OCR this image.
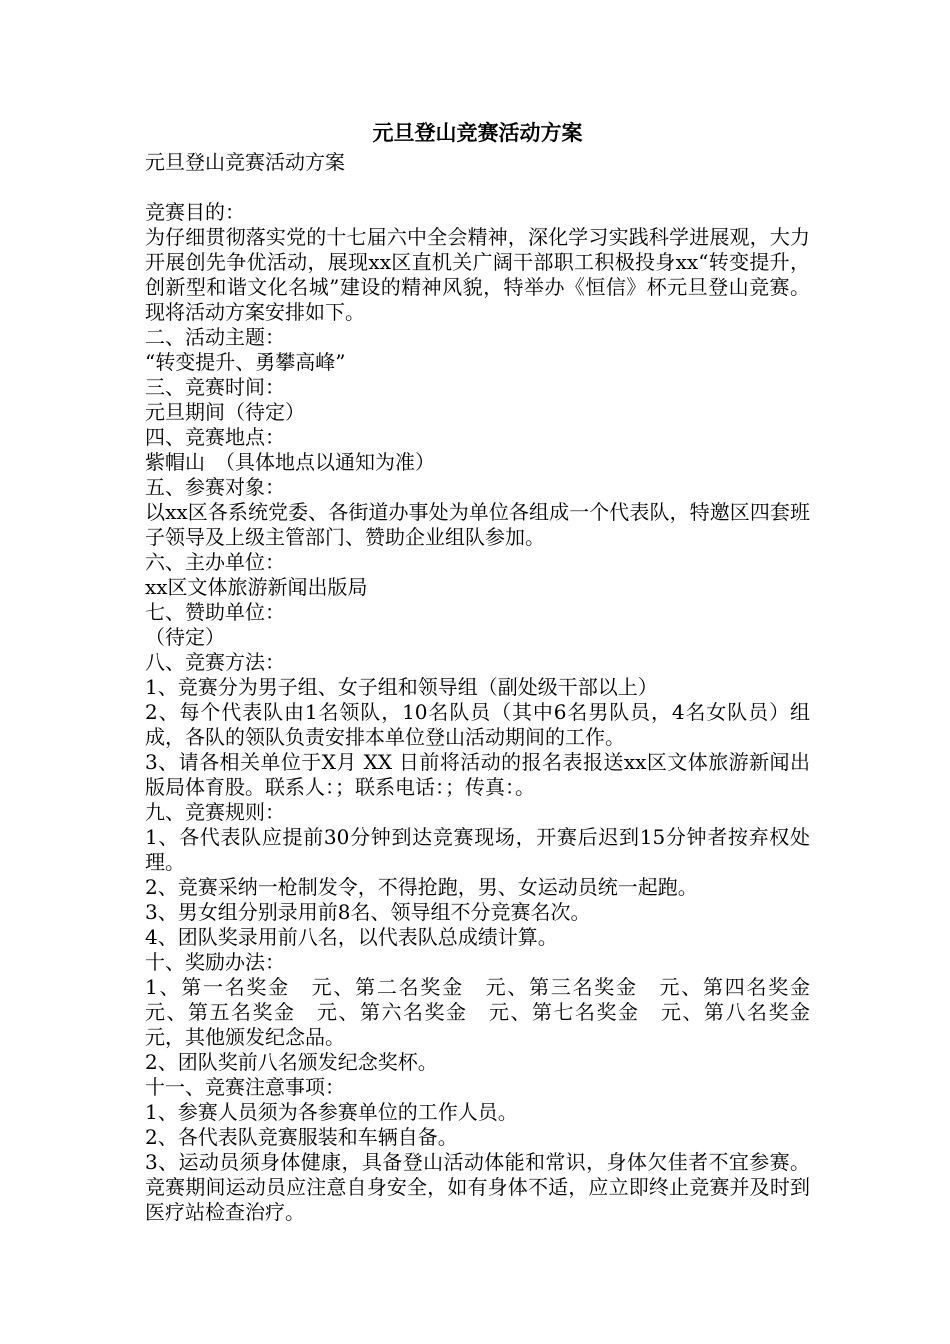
元旦登山竞赛活动方案

元旦登山竞赛活动方案

竞赛目的：

为仔细贯彻落实党的十七届六中全会精神，深化学习实践科学进展观，大力开展创先争优活动，展现xx区直机关广阔干部职工积极投身xx“转变提升，创新型和谐文化名城”建设的精神风貌，特举办《恒信》杯元旦登山竞赛。现将活动方案安排如下。

二、活动主题：

“转变提升、勇攀高峰”

三、竞赛时间：

元旦期间（待定）

四、竞赛地点：

紫帽山　（具体地点以通知为准）

五、参赛对象：

以xx区各系统党委、各街道办事处为单位各组成一个代表队，特邀区四套班子领导及上级主管部门、赞助企业组队参加。

六、主办单位：

xx区文体旅游新闻出版局

七、赞助单位：

（待定）

八、竞赛方法：

1、竞赛分为男子组、女子组和领导组（副处级干部以上）

2、每个代表队由1名领队，10名队员（其中6名男队员，4名女队员）组成，各队的领队负责安排本单位登山活动期间的工作。

3、请各相关单位于X月 XX 日前将活动的报名表报送xx区文体旅游新闻出版局体育股。联系人：；联系电话：；传真：。

九、竞赛规则：

1、各代表队应提前30分钟到达竞赛现场，开赛后迟到15分钟者按弃权处理。

2、竞赛采纳一枪制发令，不得抢跑，男、女运动员统一起跑。

3、男女组分别录用前8名、领导组不分竞赛名次。

4、团队奖录用前八名，以代表队总成绩计算。

十、奖励办法：

1、第一名奖金　元、第二名奖金　元、第三名奖金　元、第四名奖金　元、第五名奖金　元、第六名奖金　元、第七名奖金　元、第八名奖金　元，其他颁发纪念品。

2、团队奖前八名颁发纪念奖杯。

十一、竞赛注意事项：

1、参赛人员须为各参赛单位的工作人员。

2、各代表队竞赛服装和车辆自备。

3、运动员须身体健康，具备登山活动体能和常识，身体欠佳者不宜参赛。竞赛期间运动员应注意自身安全，如有身体不适，应立即终止竞赛并及时到医疗站检查治疗。
